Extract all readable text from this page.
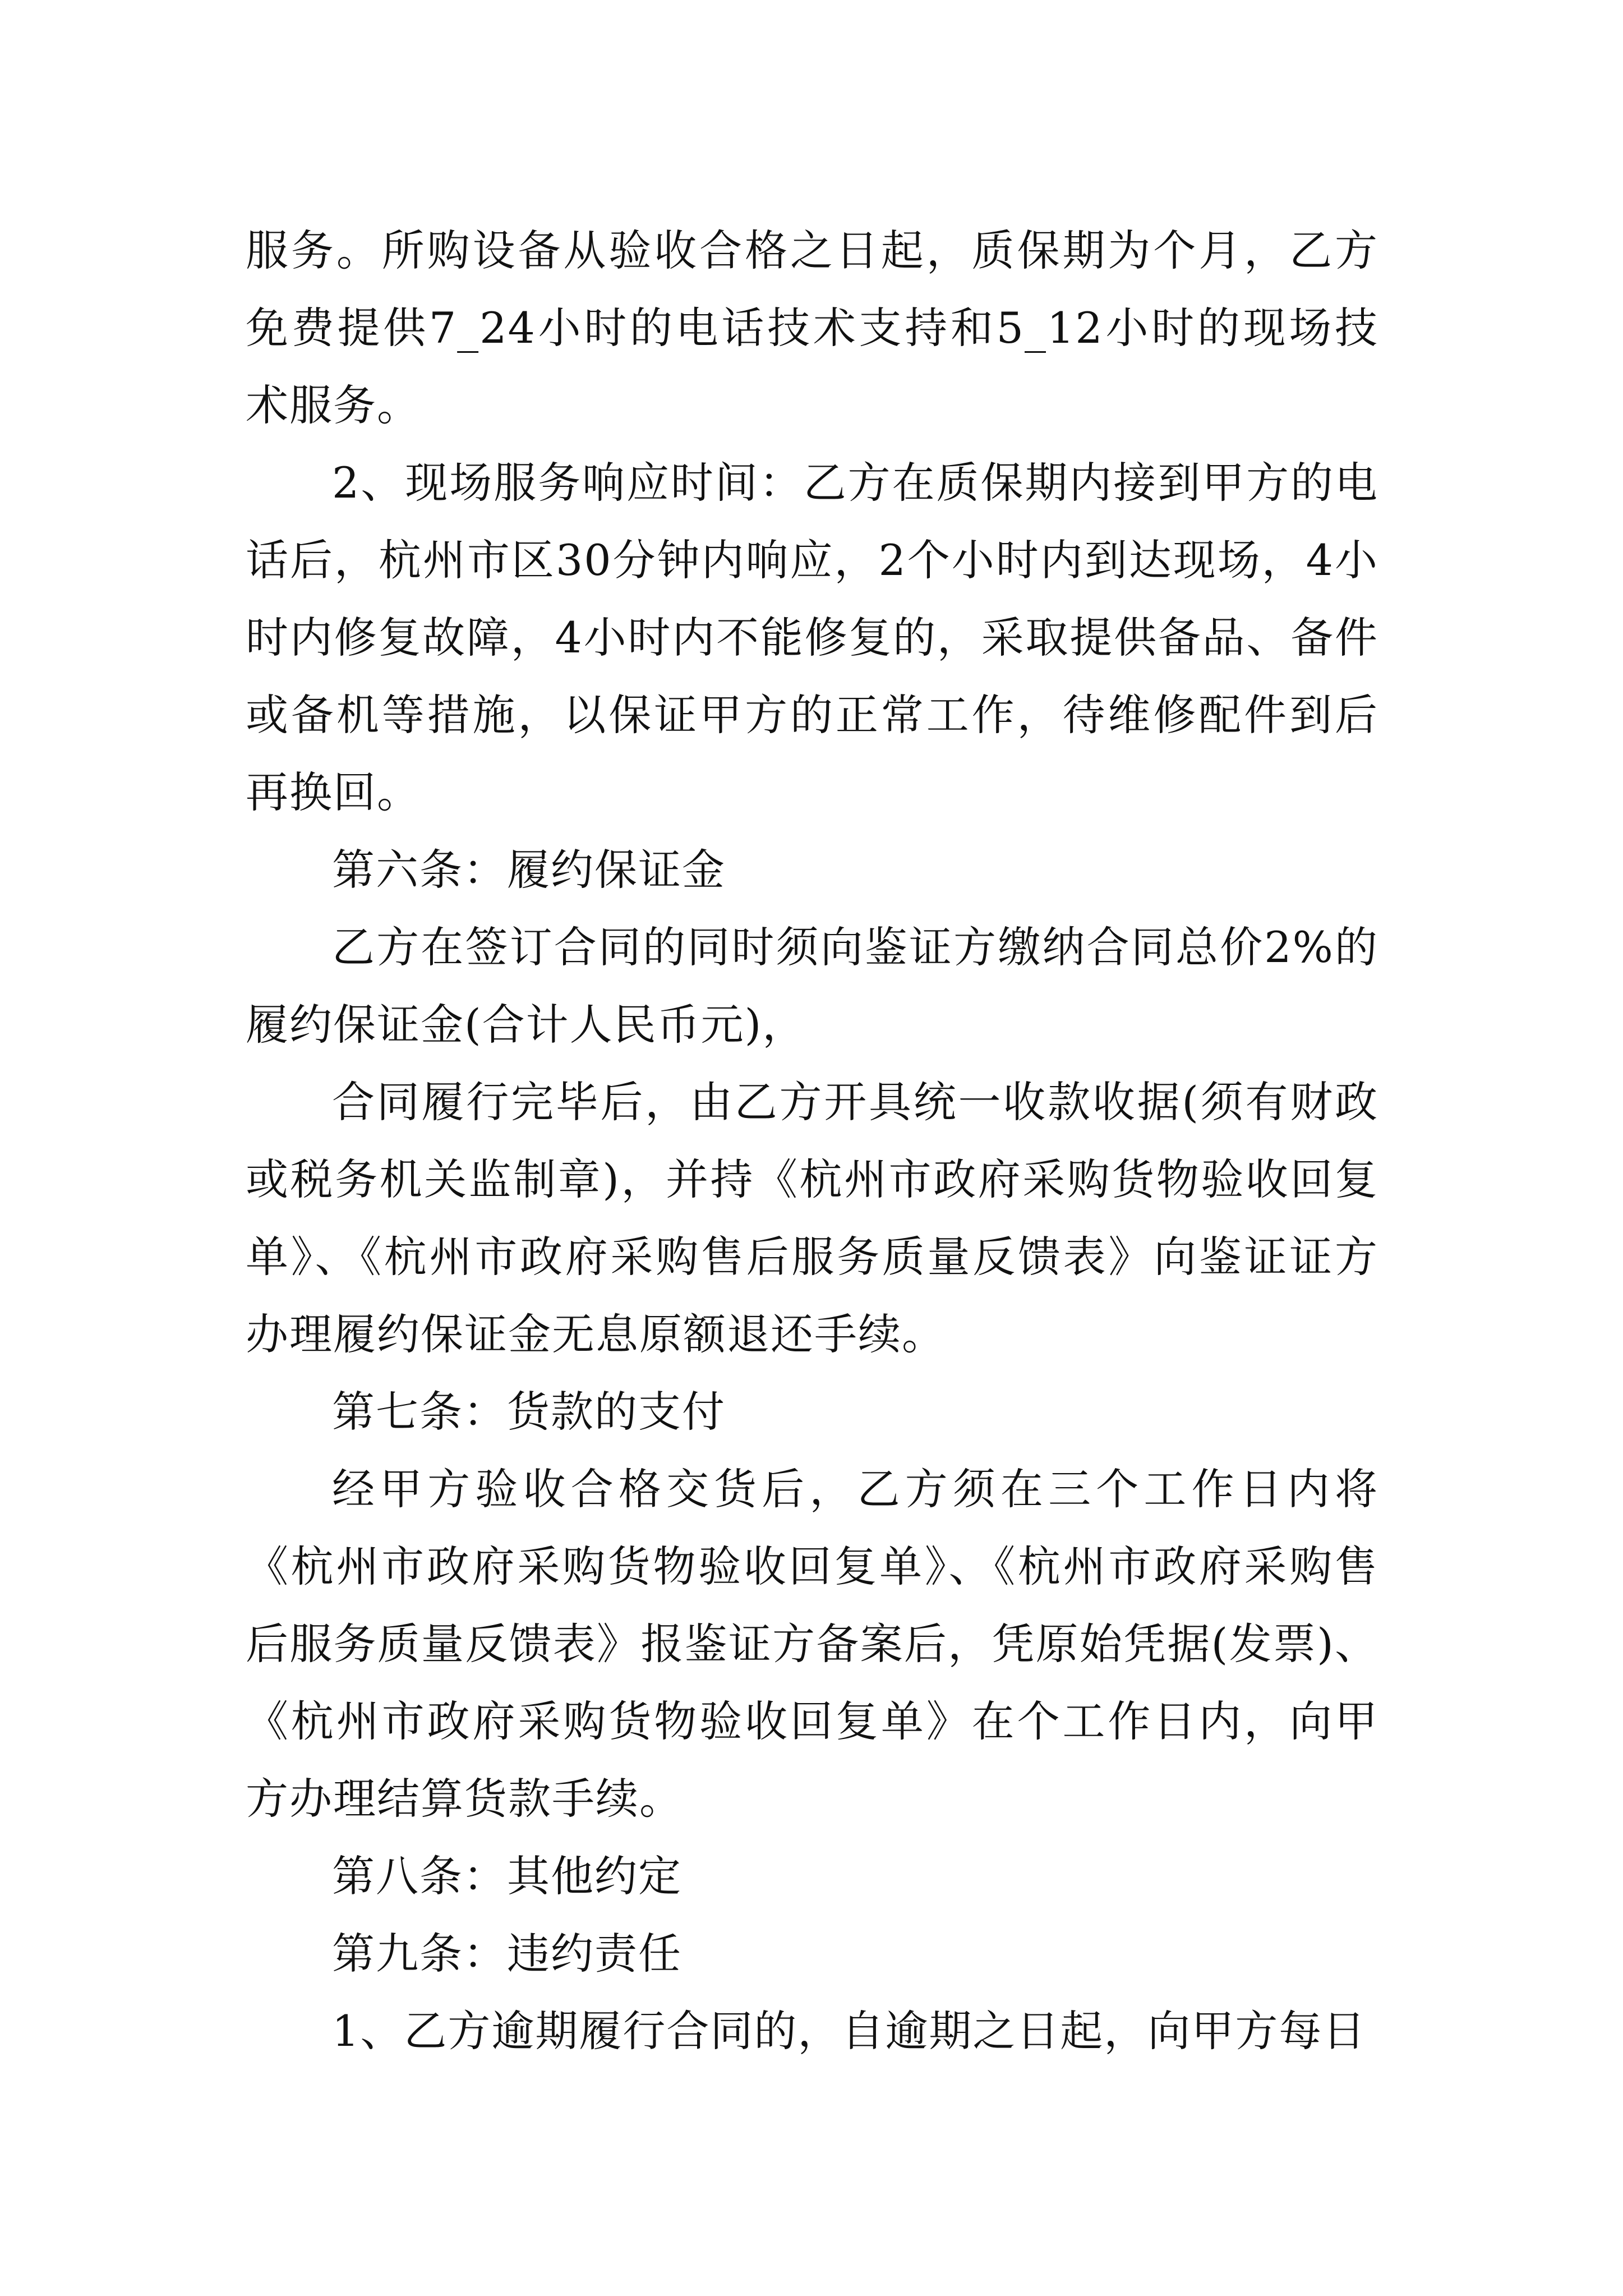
服务。所购设备从验收合格之日起，质保期为个月，乙方免费提供7_24小时的电话技术支持和5_12小时的现场技术服务。

2、现场服务响应时间：乙方在质保期内接到甲方的电话后，杭州市区30分钟内响应，2个小时内到达现场，4小时内修复故障，4小时内不能修复的，采取提供备品、备件或备机等措施，以保证甲方的正常工作，待维修配件到后再换回。

第六条：履约保证金

乙方在签订合同的同时须向鉴证方缴纳合同总价2%的履约保证金(合计人民币元)，

合同履行完毕后，由乙方开具统一收款收据(须有财政或税务机关监制章)，并持《杭州市政府采购货物验收回复单》、《杭州市政府采购售后服务质量反馈表》向鉴证证方办理履约保证金无息原额退还手续。

第七条：货款的支付

经甲方验收合格交货后，乙方须在三个工作日内将《杭州市政府采购货物验收回复单》、《杭州市政府采购售后服务质量反馈表》报鉴证方备案后，凭原始凭据(发票)、《杭州市政府采购货物验收回复单》在个工作日内，向甲方办理结算货款手续。

第八条：其他约定

第九条：违约责任

1、乙方逾期履行合同的，自逾期之日起，向甲方每日
